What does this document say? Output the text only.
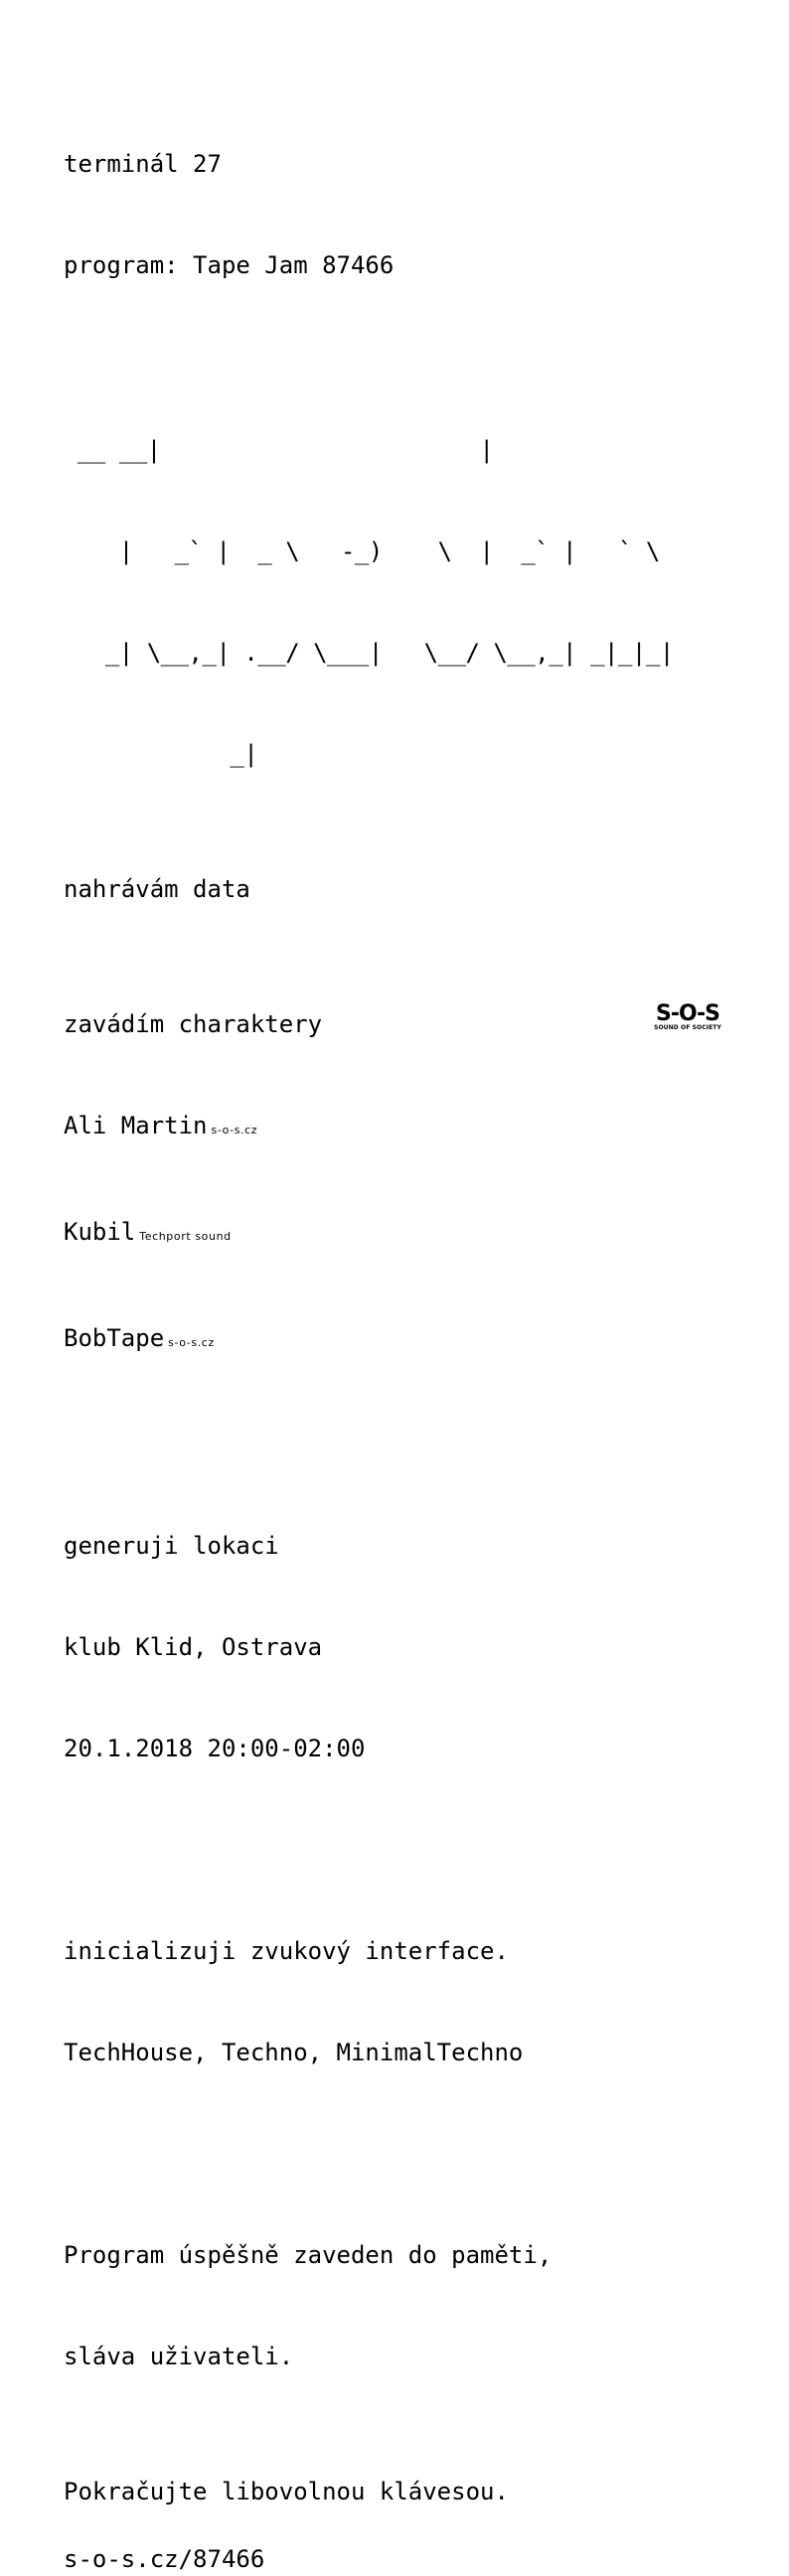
terminál 27

program: Tape Jam 87466

__ __|                       |

|   _` |  _ \   -_)    \  |  _` |   ` \

_| \__,_| .__/ \___|   \__/ \__,_| _|_|_|

_|

nahrávám data

zavádím charaktery

Ali Martin s-o-s.cz

Kubil Techport sound

BobTape s-o-s.cz

generuji lokaci

klub Klid, Ostrava

20.1.2018 20:00-02:00

inicializuji zvukový interface.

TechHouse, Techno, MinimalTechno

Program úspěšně zaveden do paměti,

sláva uživateli.

Pokračujte libovolnou klávesou.
s-o-s.cz/87466
S-O-S
SOUND OF SOCIETY
